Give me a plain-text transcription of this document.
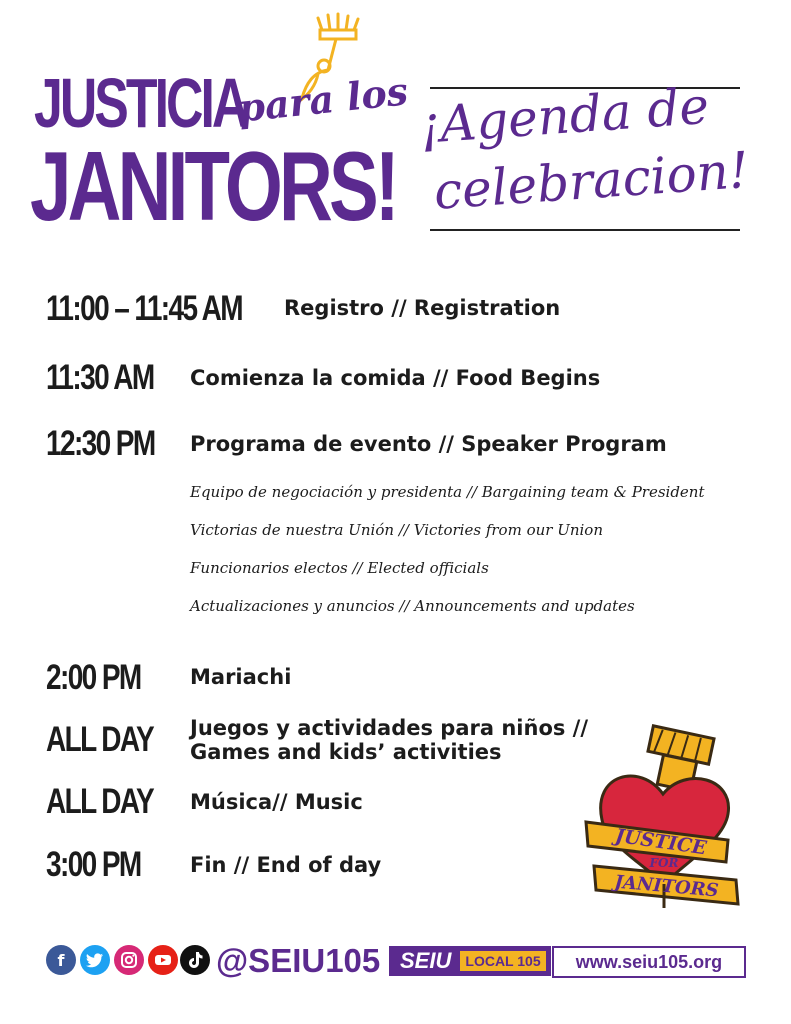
JUSTICIA
para los
JANITORS!
¡Agenda de
celebracion!
11:00 – 11:45 AM Registro // Registration
11:30 AM Comienza la comida // Food Begins
12:30 PM Programa de evento // Speaker Program
Equipo de negociación y presidenta // Bargaining team & President
Victorias de nuestra Unión // Victories from our Union
Funcionarios electos // Elected officials
Actualizaciones y anuncios // Announcements and updates
2:00 PM Mariachi
ALL DAY Juegos y actividades para niños //
Games and kids’ activities
ALL DAY Música// Music
3:00 PM Fin // End of day
JUSTICE
FOR
JANITORS
f	@SEIU105 SEIU	LOCAL 105	www.seiu105.org
